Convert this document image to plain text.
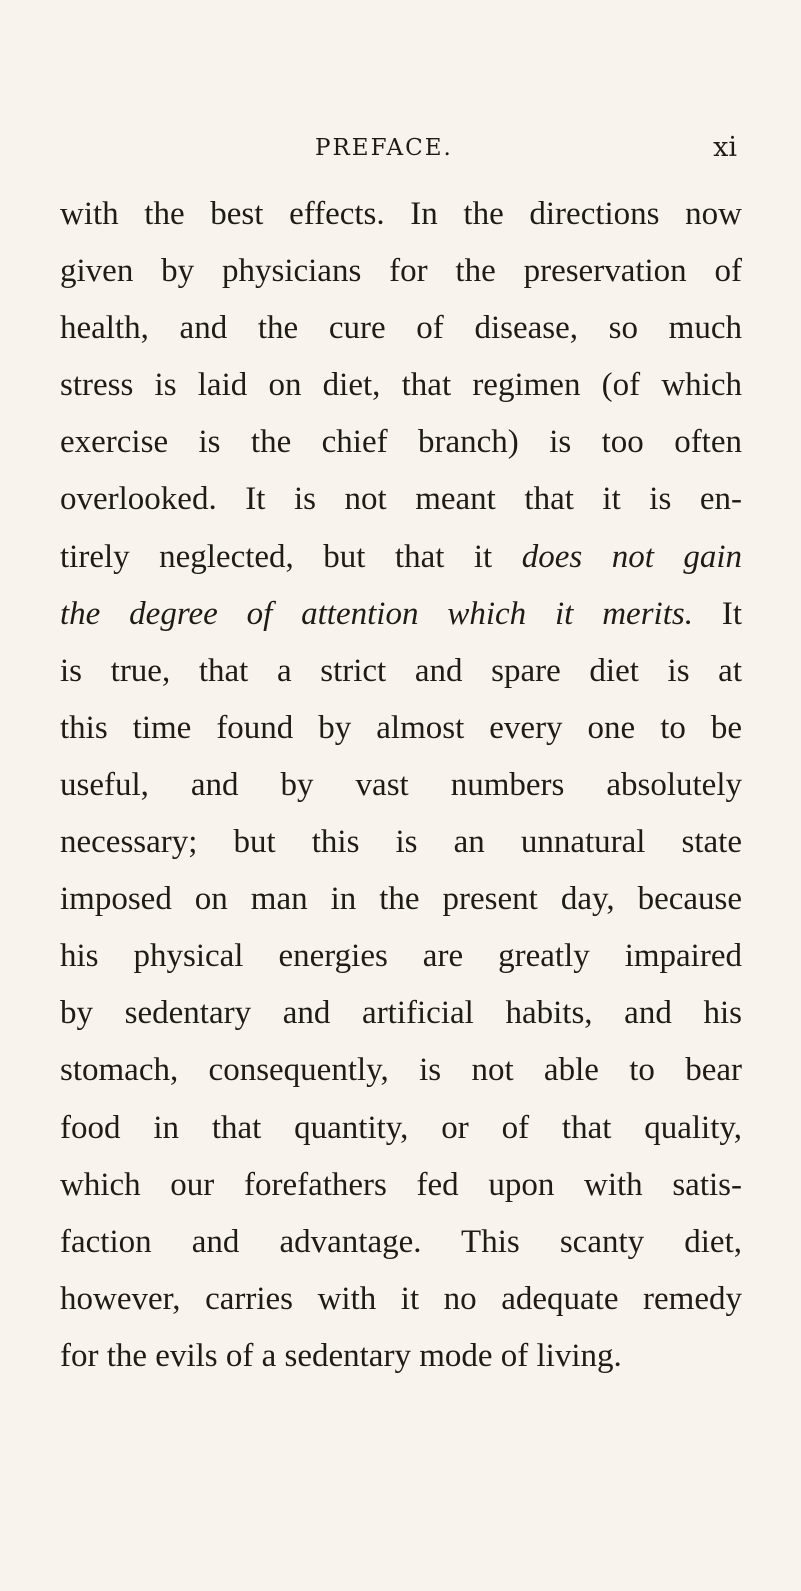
PREFACE.	xi
with the best effects. In the directions now
given by physicians for the preservation of
health, and the cure of disease, so much
stress is laid on diet, that regimen (of which
exercise is the chief branch) is too often
overlooked. It is not meant that it is en-
tirely neglected, but that it does not gain
the degree of attention which it merits. It
is true, that a strict and spare diet is at
this time found by almost every one to be
useful, and by vast numbers absolutely
necessary; but this is an unnatural state
imposed on man in the present day, because
his physical energies are greatly impaired
by sedentary and artificial habits, and his
stomach, consequently, is not able to bear
food in that quantity, or of that quality,
which our forefathers fed upon with satis-
faction and advantage. This scanty diet,
however, carries with it no adequate remedy
for the evils of a sedentary mode of living.
